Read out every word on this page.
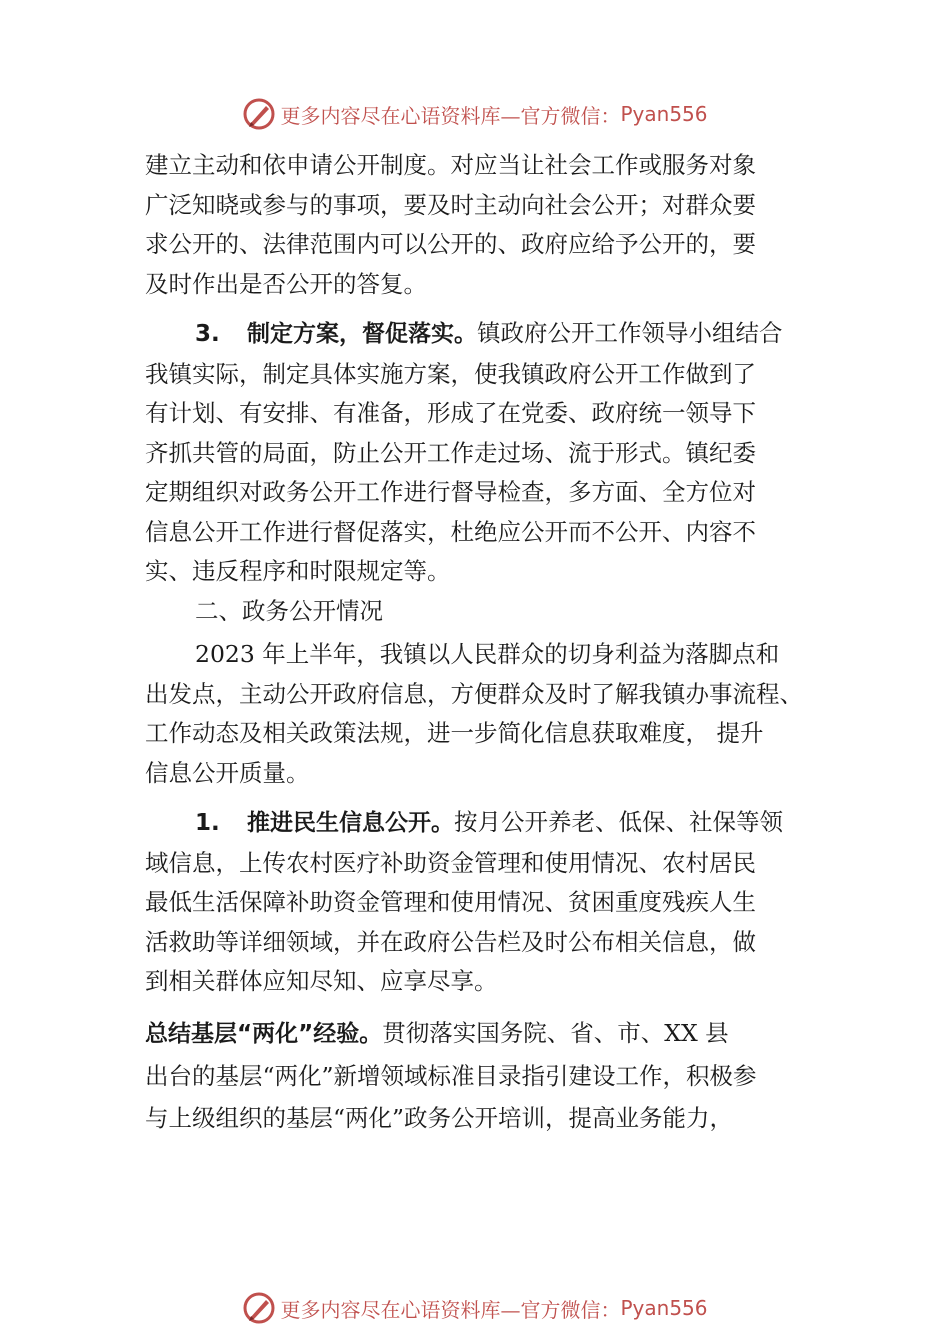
更多内容尽在心语资料库—官方微信： Pyan556

建立主动和依申请公开制度。对应当让社会工作或服务对象
广泛知晓或参与的事项，要及时主动向社会公开；对群众要
求公开的、法律范围内可以公开的、政府应给予公开的，要
及时作出是否公开的答复。

3. 制定方案，督促落实。镇政府公开工作领导小组结合
我镇实际，制定具体实施方案，使我镇政府公开工作做到了
有计划、有安排、有准备，形成了在党委、政府统一领导下
齐抓共管的局面，防止公开工作走过场、流于形式。镇纪委
定期组织对政务公开工作进行督导检查，多方面、全方位对
信息公开工作进行督促落实，杜绝应公开而不公开、内容不
实、违反程序和时限规定等。

二、政务公开情况

2023 年上半年，我镇以人民群众的切身利益为落脚点和
出发点，主动公开政府信息，方便群众及时了解我镇办事流程、
工作动态及相关政策法规，进一步简化信息获取难度， 提升
信息公开质量。

1. 推进民生信息公开。按月公开养老、低保、社保等领
域信息，上传农村医疗补助资金管理和使用情况、农村居民
最低生活保障补助资金管理和使用情况、贫困重度残疾人生
活救助等详细领域，并在政府公告栏及时公布相关信息，做
到相关群体应知尽知、应享尽享。

总结基层“两化”经验。贯彻落实国务院、省、市、XX 县
出台的基层“两化”新增领域标准目录指引建设工作，积极参
与上级组织的基层“两化”政务公开培训，提高业务能力，

更多内容尽在心语资料库—官方微信： Pyan556
